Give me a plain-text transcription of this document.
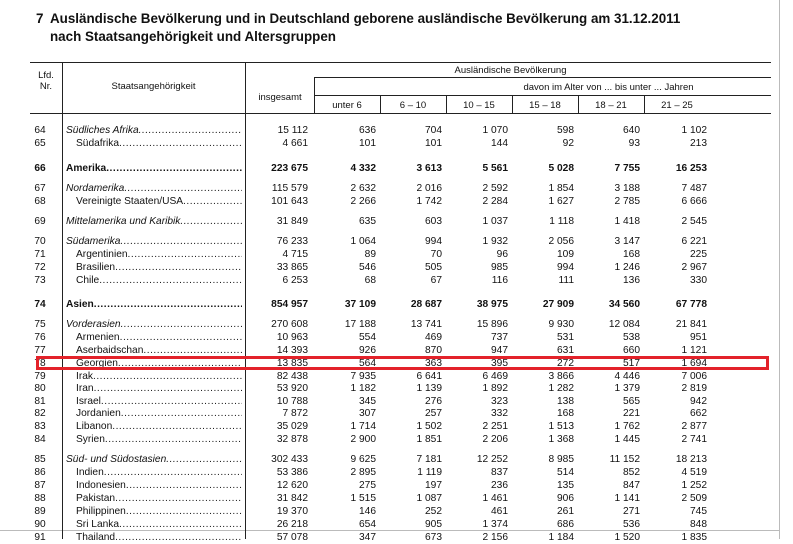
7 Ausländische Bevölkerung und in Deutschland geborene ausländische Bevölkerung am 31.12.2011
nach Staatsangehörigkeit und Altersgruppen
Lfd.
Nr.	Staatsangehörigkeit
Ausländische Bevölkerung
insgesamt
davon im Alter von ... bis unter ... Jahren
unter 6	6 – 10	10 – 15	15 – 18	18 – 21	21 – 25
64	Südliches Afrika .....	15 112	636	704	1 070	598	640	1 102
65	Südafrika .....	4 661	101	101	144	92	93	213
66	Amerika .....	223 675	4 332	3 613	5 561	5 028	7 755	16 253
67	Nordamerika .....	115 579	2 632	2 016	2 592	1 854	3 188	7 487
68	Vereinigte Staaten/USA .....	101 643	2 266	1 742	2 284	1 627	2 785	6 666
69	Mittelamerika und Karibik .....	31 849	635	603	1 037	1 118	1 418	2 545
70	Südamerika .....	76 233	1 064	994	1 932	2 056	3 147	6 221
71	Argentinien .....	4 715	89	70	96	109	168	225
72	Brasilien .....	33 865	546	505	985	994	1 246	2 967
73	Chile .....	6 253	68	67	116	111	136	330
74	Asien .....	854 957	37 109	28 687	38 975	27 909	34 560	67 778
75	Vorderasien .....	270 608	17 188	13 741	15 896	9 930	12 084	21 841
76	Armenien .....	10 963	554	469	737	531	538	951
77	Aserbaidschan .....	14 393	926	870	947	631	660	1 121
78	Georgien .....	13 835	564	363	395	272	517	1 694
79	Irak .....	82 438	7 935	6 641	6 469	3 866	4 446	7 006
80	Iran .....	53 920	1 182	1 139	1 892	1 282	1 379	2 819
81	Israel .....	10 788	345	276	323	138	565	942
82	Jordanien .....	7 872	307	257	332	168	221	662
83	Libanon .....	35 029	1 714	1 502	2 251	1 513	1 762	2 877
84	Syrien .....	32 878	2 900	1 851	2 206	1 368	1 445	2 741
85	Süd- und Südostasien .....	302 433	9 625	7 181	12 252	8 985	11 152	18 213
86	Indien .....	53 386	2 895	1 119	837	514	852	4 519
87	Indonesien .....	12 620	275	197	236	135	847	1 252
88	Pakistan .....	31 842	1 515	1 087	1 461	906	1 141	2 509
89	Philippinen .....	19 370	146	252	461	261	271	745
90	Sri Lanka .....	26 218	654	905	1 374	686	536	848
91	Thailand .....	57 078	347	673	2 156	1 184	1 520	1 835
